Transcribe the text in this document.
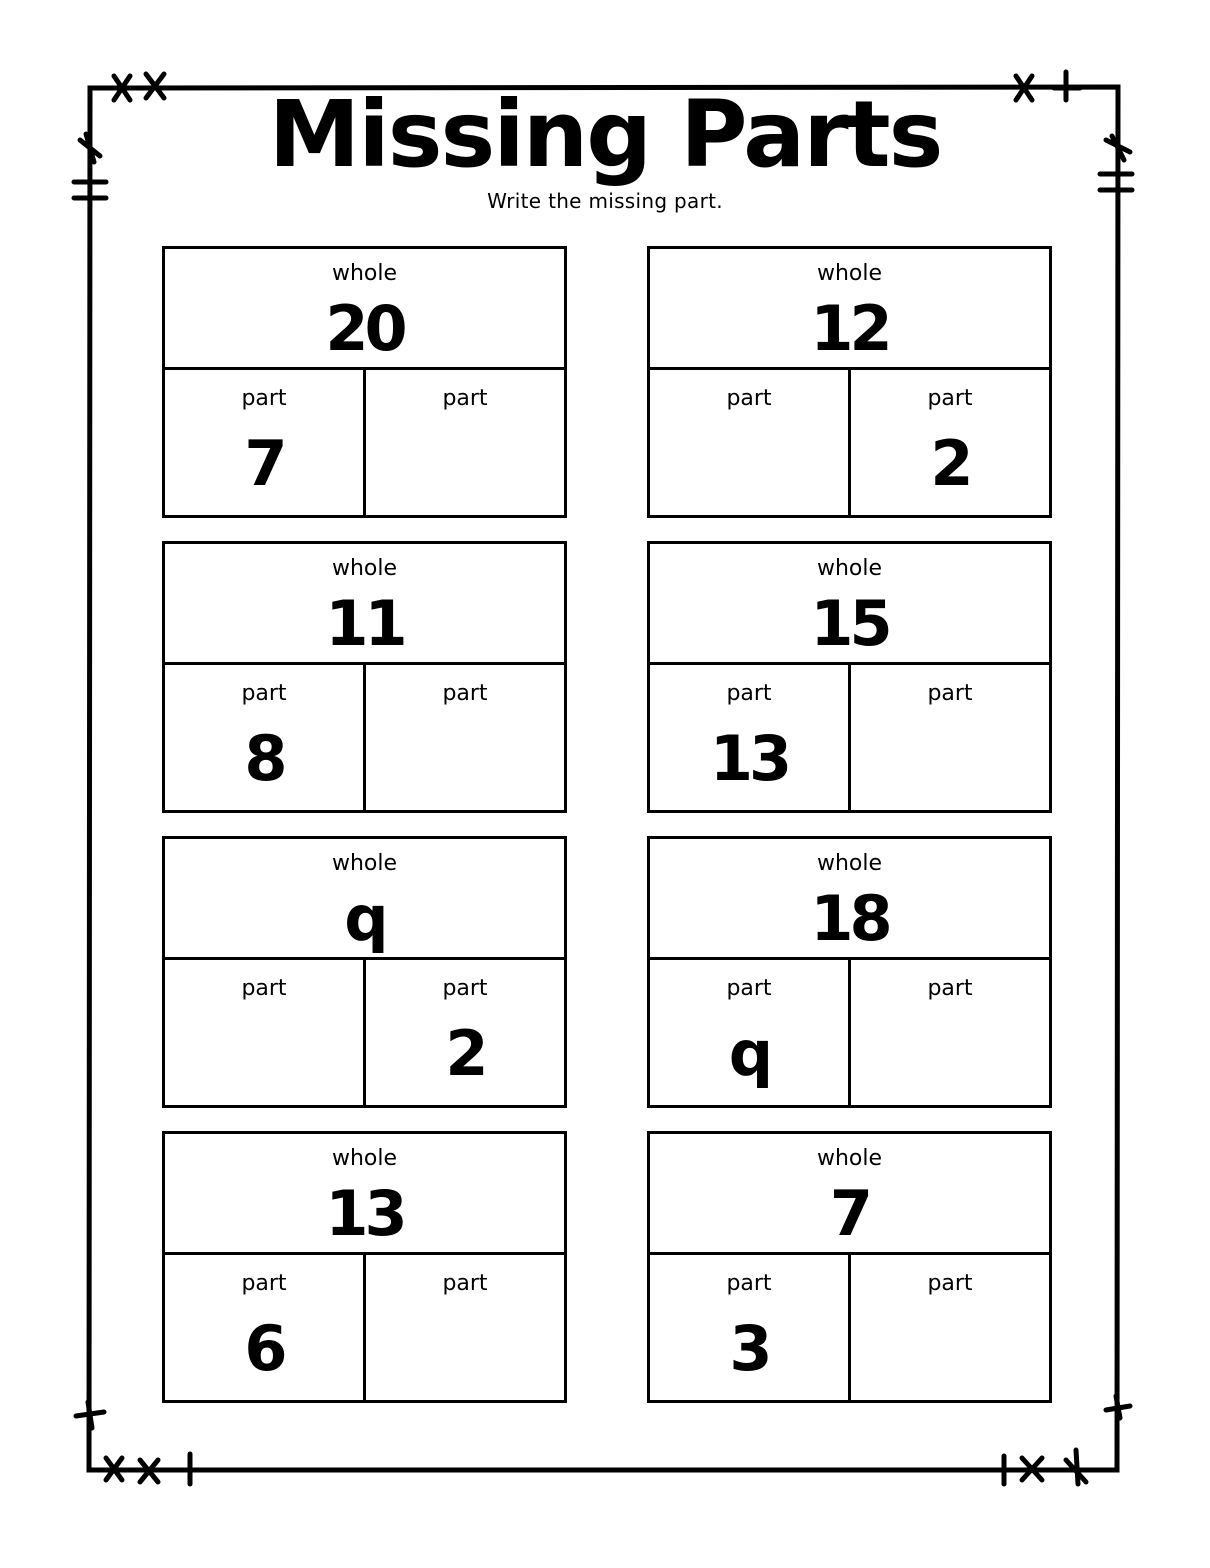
Missing Parts
Write the missing part.
whole
20
part
7
part
whole
12
part	part
2
whole
11
part
8
part
whole
15
part
13
part
whole
q
part	part
2
whole
18
part
q
part
whole
13
part
6
part
whole
7
part
3
part
